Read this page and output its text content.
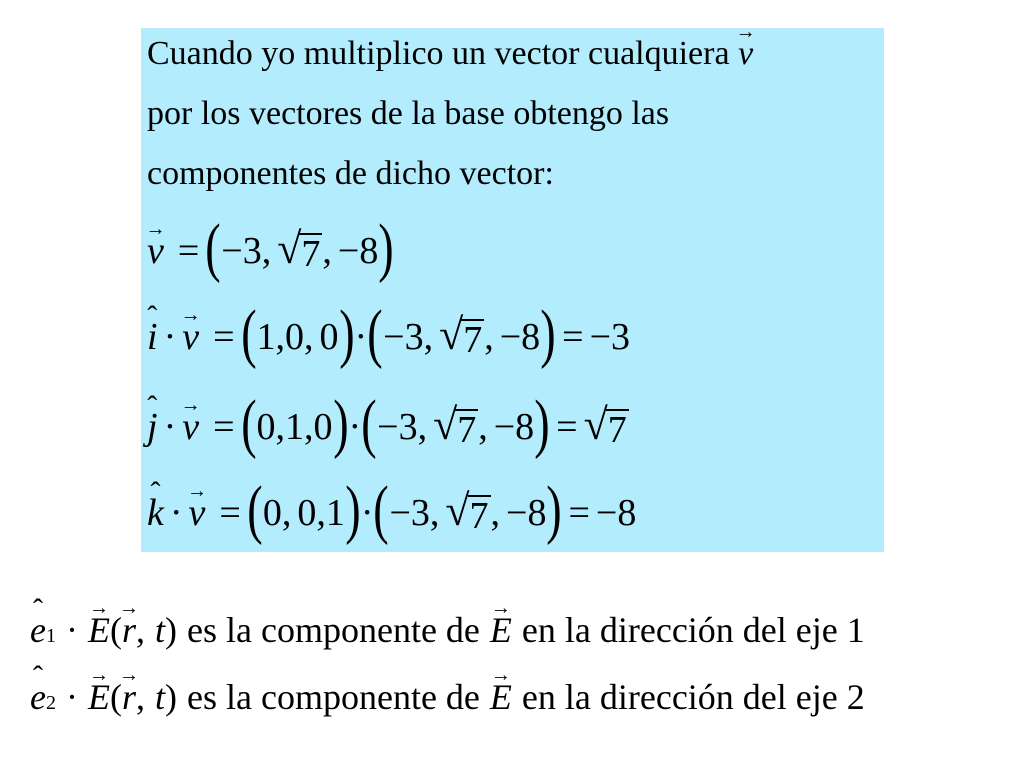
Cuando yo multiplico un vector cualquiera v →
por los vectores de la base obtengo las
componentes de dicho vector:
v → = ( −3 , √ 7 , −8 )
i ˆ · v → = ( 1 , 0 , 0 ) · ( −3 , √ 7 , −8 ) = −3
j ˆ · v → = ( 0 , 1 , 0 ) · ( −3 , √ 7 , −8 ) = √ 7
k ˆ · v → = ( 0 , 0 , 1 ) · ( −3 , √ 7 , −8 ) = −8
e ˆ 1 · E → ( r → , t ) es la componente de E → en la dirección del eje 1
e ˆ 2 · E → ( r → , t ) es la componente de E → en la dirección del eje 2
